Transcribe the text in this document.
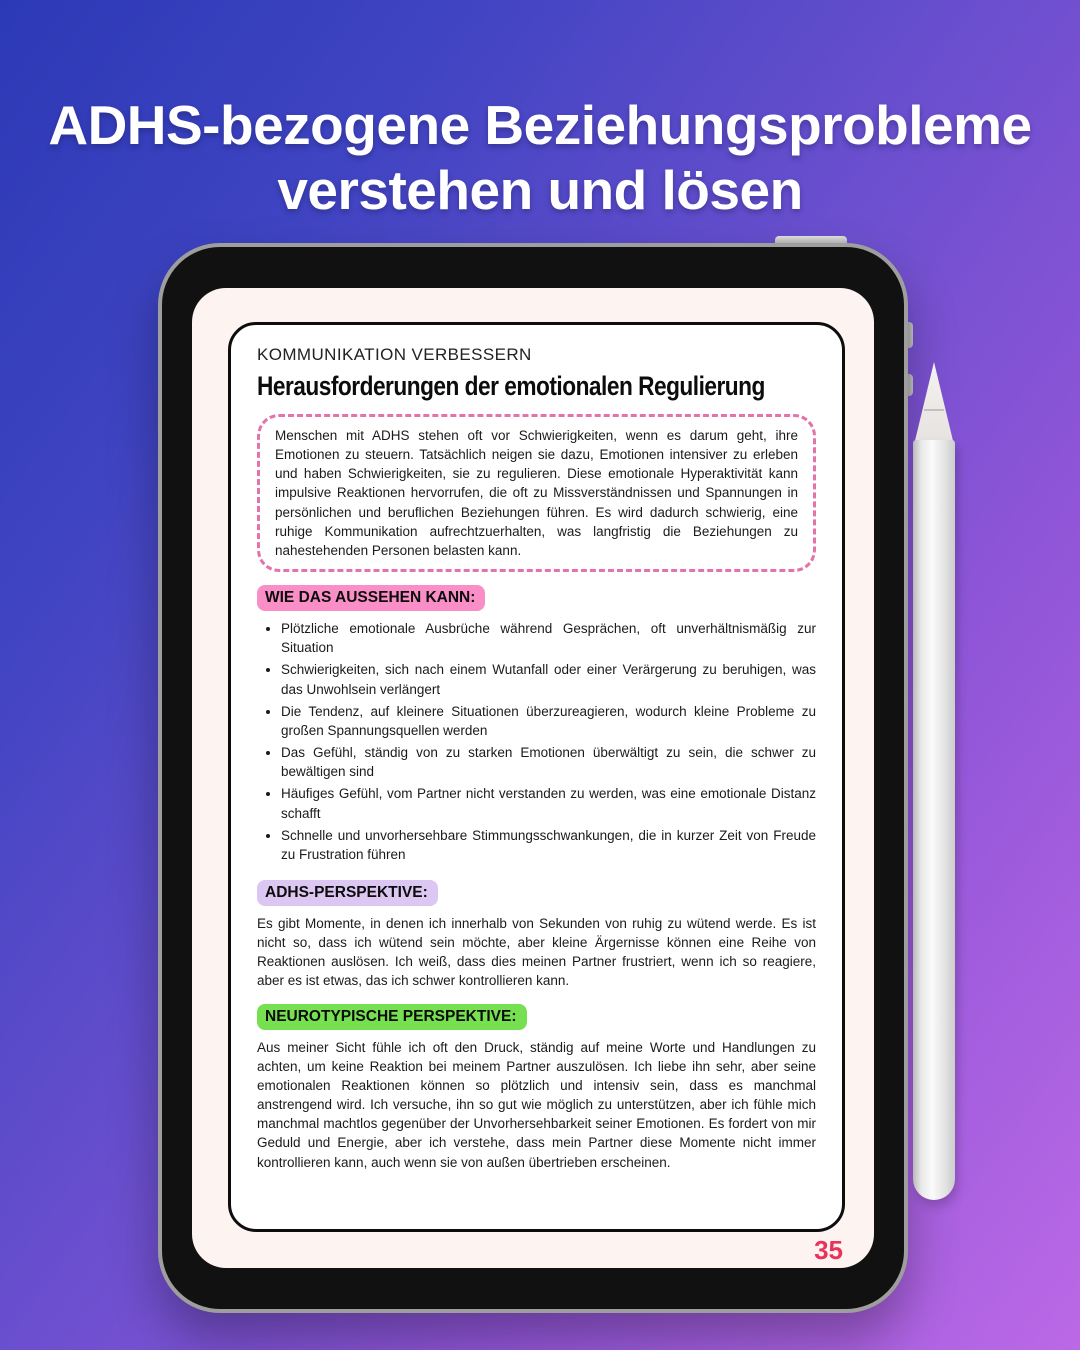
ADHS-bezogene Beziehungsprobleme
verstehen und lösen
KOMMUNIKATION VERBESSERN
Herausforderungen der emotionalen Regulierung
Menschen mit ADHS stehen oft vor Schwierigkeiten, wenn es darum geht, ihre Emotionen zu steuern. Tatsächlich neigen sie dazu, Emotionen intensiver zu erleben und haben Schwierigkeiten, sie zu regulieren. Diese emotionale Hyperaktivität kann impulsive Reaktionen hervorrufen, die oft zu Missverständnissen und Spannungen in persönlichen und beruflichen Beziehungen führen. Es wird dadurch schwierig, eine ruhige Kommunikation aufrechtzuerhalten, was langfristig die Beziehungen zu nahestehenden Personen belasten kann.
WIE DAS AUSSEHEN KANN:
• Plötzliche emotionale Ausbrüche während Gesprächen, oft unverhältnismäßig zur Situation
• Schwierigkeiten, sich nach einem Wutanfall oder einer Verärgerung zu beruhigen, was das Unwohlsein verlängert
• Die Tendenz, auf kleinere Situationen überzureagieren, wodurch kleine Probleme zu großen Spannungsquellen werden
• Das Gefühl, ständig von zu starken Emotionen überwältigt zu sein, die schwer zu bewältigen sind
• Häufiges Gefühl, vom Partner nicht verstanden zu werden, was eine emotionale Distanz schafft
• Schnelle und unvorhersehbare Stimmungsschwankungen, die in kurzer Zeit von Freude zu Frustration führen
ADHS-PERSPEKTIVE:

Es gibt Momente, in denen ich innerhalb von Sekunden von ruhig zu wütend werde. Es ist nicht so, dass ich wütend sein möchte, aber kleine Ärgernisse können eine Reihe von Reaktionen auslösen. Ich weiß, dass dies meinen Partner frustriert, wenn ich so reagiere, aber es ist etwas, das ich schwer kontrollieren kann.

NEUROTYPISCHE PERSPEKTIVE:

Aus meiner Sicht fühle ich oft den Druck, ständig auf meine Worte und Handlungen zu achten, um keine Reaktion bei meinem Partner auszulösen. Ich liebe ihn sehr, aber seine emotionalen Reaktionen können so plötzlich und intensiv sein, dass es manchmal anstrengend wird. Ich versuche, ihn so gut wie möglich zu unterstützen, aber ich fühle mich manchmal machtlos gegenüber der Unvorhersehbarkeit seiner Emotionen. Es fordert von mir Geduld und Energie, aber ich verstehe, dass mein Partner diese Momente nicht immer kontrollieren kann, auch wenn sie von außen übertrieben erscheinen.

35
